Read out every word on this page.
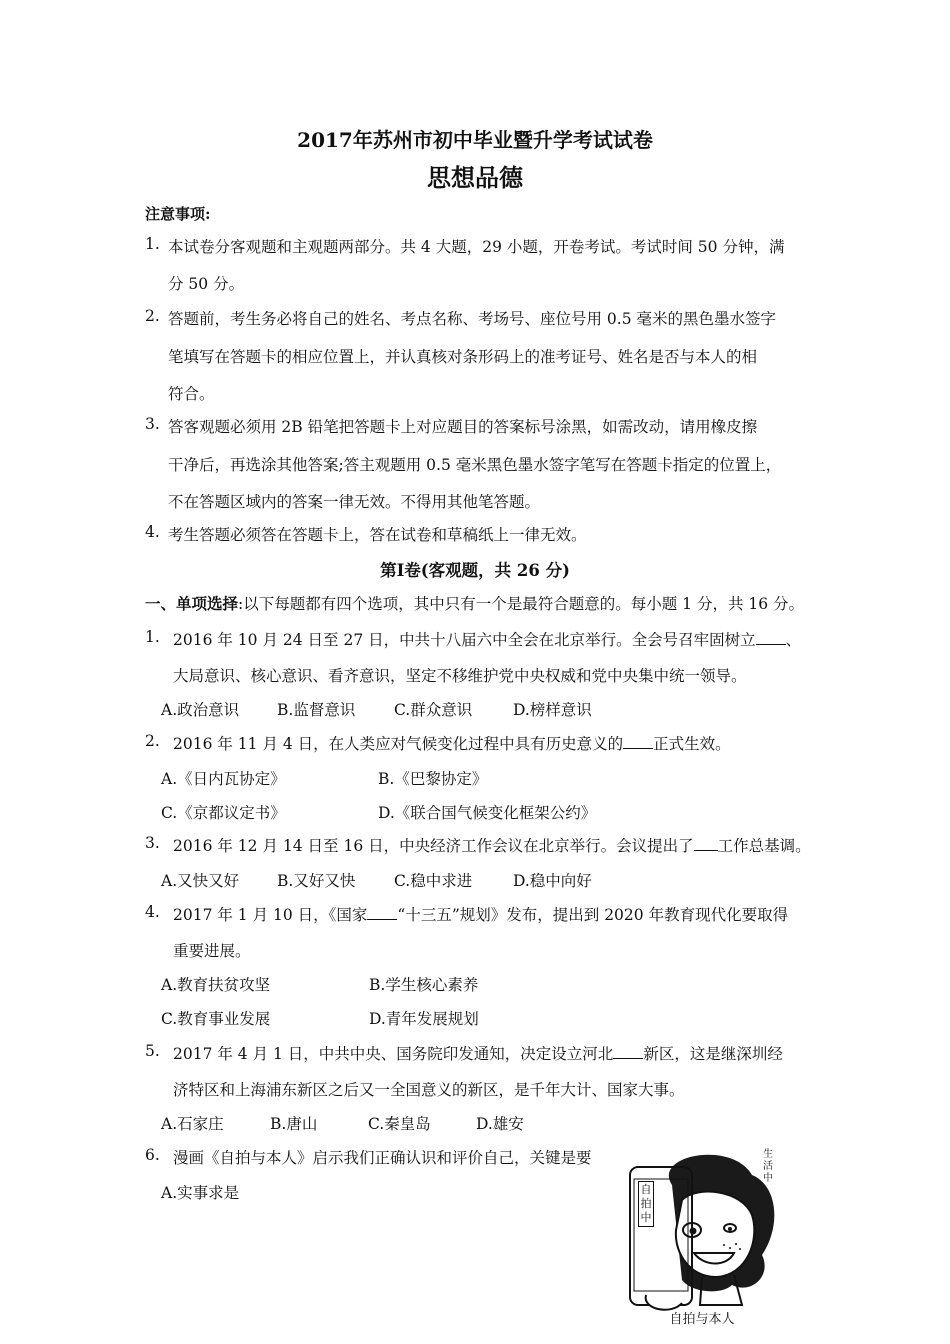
2017年苏州市初中毕业暨升学考试试卷
思想品德
注意事项:
1. 本试卷分客观题和主观题两部分。共 4 大题，29 小题，开卷考试。考试时间 50 分钟，满
分 50 分。
2. 答题前，考生务必将自己的姓名、考点名称、考场号、座位号用 0.5 毫米的黑色墨水签字
笔填写在答题卡的相应位置上，并认真核对条形码上的准考证号、姓名是否与本人的相
符合。
3. 答客观题必须用 2B 铅笔把答题卡上对应题目的答案标号涂黑，如需改动，请用橡皮擦
干净后，再选涂其他答案;答主观题用 0.5 毫米黑色墨水签字笔写在答题卡指定的位置上，
不在答题区域内的答案一律无效。不得用其他笔答题。
4. 考生答题必须答在答题卡上，答在试卷和草稿纸上一律无效。
第Ⅰ卷(客观题，共 26 分)
一、单项选择:以下每题都有四个选项，其中只有一个是最符合题意的。每小题 1 分，共 16 分。
1. 2016 年 10 月 24 日至 27 日，中共十八届六中全会在北京举行。全会号召牢固树立 、
大局意识、核心意识、看齐意识，坚定不移维护党中央权威和党中央集中统一领导。
A.政治意识 B.监督意识 C.群众意识	D.榜样意识
2. 2016 年 11 月 4 日，在人类应对气候变化过程中具有历史意义的 正式生效。
A.《日内瓦协定》	B.《巴黎协定》
C.《京都议定书》	D.《联合国气候变化框架公约》
3. 2016 年 12 月 14 日至 16 日，中央经济工作会议在北京举行。会议提出了 工作总基调。
A.又快又好 B.又好又快 C.稳中求进	D.稳中向好
4. 2017 年 1 月 10 日，《国家 “十三五”规划》发布，提出到 2020 年教育现代化要取得
重要进展。
A.教育扶贫攻坚	B.学生核心素养
C.教育事业发展	D.青年发展规划
5. 2017 年 4 月 1 日，中共中央、国务院印发通知，决定设立河北 新区，这是继深圳经
济特区和上海浦东新区之后又一全国意义的新区，是千年大计、国家大事。
A.石家庄	B.唐山	C.秦皇岛	D.雄安
6. 漫画《自拍与本人》启示我们正确认识和评价自己，关键是要
A.实事求是	自拍中
生活中
自拍与本人
